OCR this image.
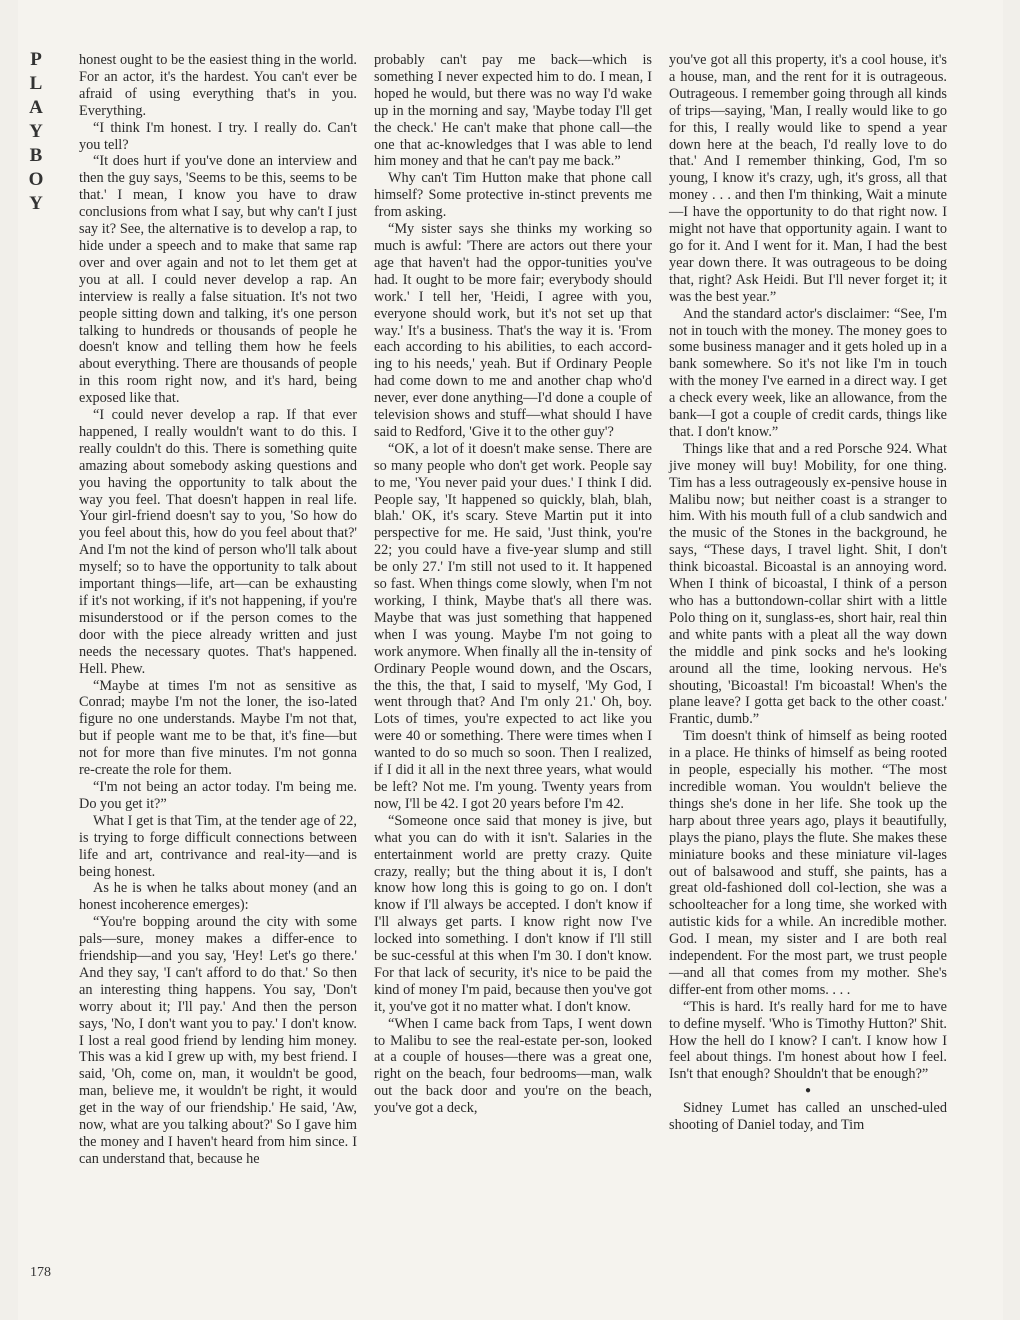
P
L
A
Y
B
O
Y
178

honest ought to be the easiest thing in the world. For an actor, it's the hardest. You can't ever be afraid of using everything that's in you. Everything.

“I think I'm honest. I try. I really do. Can't you tell?

“It does hurt if you've done an interview and then the guy says, 'Seems to be this, seems to be that.' I mean, I know you have to draw conclusions from what I say, but why can't I just say it? See, the alternative is to develop a rap, to hide under a speech and to make that same rap over and over again and not to let them get at you at all. I could never develop a rap. An interview is really a false situation. It's not two people sitting down and talking, it's one person talking to hundreds or thousands of people he doesn't know and telling them how he feels about everything. There are thousands of people in this room right now, and it's hard, being exposed like that.

“I could never develop a rap. If that ever happened, I really wouldn't want to do this. I really couldn't do this. There is something quite amazing about somebody asking questions and you having the opportunity to talk about the way you feel. That doesn't happen in real life. Your girl-friend doesn't say to you, 'So how do you feel about this, how do you feel about that?' And I'm not the kind of person who'll talk about myself; so to have the opportunity to talk about important things—life, art—can be exhausting if it's not working, if it's not happening, if you're misunderstood or if the person comes to the door with the piece already written and just needs the necessary quotes. That's happened. Hell. Phew.

“Maybe at times I'm not as sensitive as Conrad; maybe I'm not the loner, the iso-lated figure no one understands. Maybe I'm not that, but if people want me to be that, it's fine—but not for more than five minutes. I'm not gonna re-create the role for them.

“I'm not being an actor today. I'm being me. Do you get it?”

What I get is that Tim, at the tender age of 22, is trying to forge difficult connections between life and art, contrivance and real-ity—and is being honest.

As he is when he talks about money (and an honest incoherence emerges):

“You're bopping around the city with some pals—sure, money makes a differ-ence to friendship—and you say, 'Hey! Let's go there.' And they say, 'I can't afford to do that.' So then an interesting thing happens. You say, 'Don't worry about it; I'll pay.' And then the person says, 'No, I don't want you to pay.' I don't know. I lost a real good friend by lending him money. This was a kid I grew up with, my best friend. I said, 'Oh, come on, man, it wouldn't be good, man, believe me, it wouldn't be right, it would get in the way of our friendship.' He said, 'Aw, now, what are you talking about?' So I gave him the money and I haven't heard from him since. I can understand that, because he

probably can't pay me back—which is something I never expected him to do. I mean, I hoped he would, but there was no way I'd wake up in the morning and say, 'Maybe today I'll get the check.' He can't make that phone call—the one that ac-knowledges that I was able to lend him money and that he can't pay me back.”

Why can't Tim Hutton make that phone call himself? Some protective in-stinct prevents me from asking.

“My sister says she thinks my working so much is awful: 'There are actors out there your age that haven't had the oppor-tunities you've had. It ought to be more fair; everybody should work.' I tell her, 'Heidi, I agree with you, everyone should work, but it's not set up that way.' It's a business. That's the way it is. 'From each according to his abilities, to each accord-ing to his needs,' yeah. But if Ordinary People had come down to me and another chap who'd never, ever done anything—I'd done a couple of television shows and stuff—what should I have said to Redford, 'Give it to the other guy'?

“OK, a lot of it doesn't make sense. There are so many people who don't get work. People say to me, 'You never paid your dues.' I think I did. People say, 'It happened so quickly, blah, blah, blah.' OK, it's scary. Steve Martin put it into perspective for me. He said, 'Just think, you're 22; you could have a five-year slump and still be only 27.' I'm still not used to it. It happened so fast. When things come slowly, when I'm not working, I think, Maybe that's all there was. Maybe that was just something that happened when I was young. Maybe I'm not going to work anymore. When finally all the in-tensity of Ordinary People wound down, and the Oscars, the this, the that, I said to myself, 'My God, I went through that? And I'm only 21.' Oh, boy. Lots of times, you're expected to act like you were 40 or something. There were times when I wanted to do so much so soon. Then I realized, if I did it all in the next three years, what would be left? Not me. I'm young. Twenty years from now, I'll be 42. I got 20 years before I'm 42.

“Someone once said that money is jive, but what you can do with it isn't. Salaries in the entertainment world are pretty crazy. Quite crazy, really; but the thing about it is, I don't know how long this is going to go on. I don't know if I'll always be accepted. I don't know if I'll always get parts. I know right now I've locked into something. I don't know if I'll still be suc-cessful at this when I'm 30. I don't know. For that lack of security, it's nice to be paid the kind of money I'm paid, because then you've got it, you've got it no matter what. I don't know.

“When I came back from Taps, I went down to Malibu to see the real-estate per-son, looked at a couple of houses—there was a great one, right on the beach, four bedrooms—man, walk out the back door and you're on the beach, you've got a deck,

you've got all this property, it's a cool house, it's a house, man, and the rent for it is outrageous. Outrageous. I remember going through all kinds of trips—saying, 'Man, I really would like to go for this, I really would like to spend a year down here at the beach, I'd really love to do that.' And I remember thinking, God, I'm so young, I know it's crazy, ugh, it's gross, all that money . . . and then I'm thinking, Wait a minute—I have the opportunity to do that right now. I might not have that opportunity again. I want to go for it. And I went for it. Man, I had the best year down there. It was outrageous to be doing that, right? Ask Heidi. But I'll never forget it; it was the best year.”

And the standard actor's disclaimer: “See, I'm not in touch with the money. The money goes to some business manager and it gets holed up in a bank somewhere. So it's not like I'm in touch with the money I've earned in a direct way. I get a check every week, like an allowance, from the bank—I got a couple of credit cards, things like that. I don't know.”

Things like that and a red Porsche 924. What jive money will buy! Mobility, for one thing. Tim has a less outrageously ex-pensive house in Malibu now; but neither coast is a stranger to him. With his mouth full of a club sandwich and the music of the Stones in the background, he says, “These days, I travel light. Shit, I don't think bicoastal. Bicoastal is an annoying word. When I think of bicoastal, I think of a person who has a buttondown-collar shirt with a little Polo thing on it, sunglass-es, short hair, real thin and white pants with a pleat all the way down the middle and pink socks and he's looking around all the time, looking nervous. He's shouting, 'Bicoastal! I'm bicoastal! When's the plane leave? I gotta get back to the other coast.' Frantic, dumb.”

Tim doesn't think of himself as being rooted in a place. He thinks of himself as being rooted in people, especially his mother. “The most incredible woman. You wouldn't believe the things she's done in her life. She took up the harp about three years ago, plays it beautifully, plays the piano, plays the flute. She makes these miniature books and these miniature vil-lages out of balsawood and stuff, she paints, has a great old-fashioned doll col-lection, she was a schoolteacher for a long time, she worked with autistic kids for a while. An incredible mother. God. I mean, my sister and I are both real independent. For the most part, we trust people—and all that comes from my mother. She's differ-ent from other moms. . . .

“This is hard. It's really hard for me to have to define myself. 'Who is Timothy Hutton?' Shit. How the hell do I know? I can't. I know how I feel about things. I'm honest about how I feel. Isn't that enough? Shouldn't that be enough?”

●

Sidney Lumet has called an unsched-uled shooting of Daniel today, and Tim
